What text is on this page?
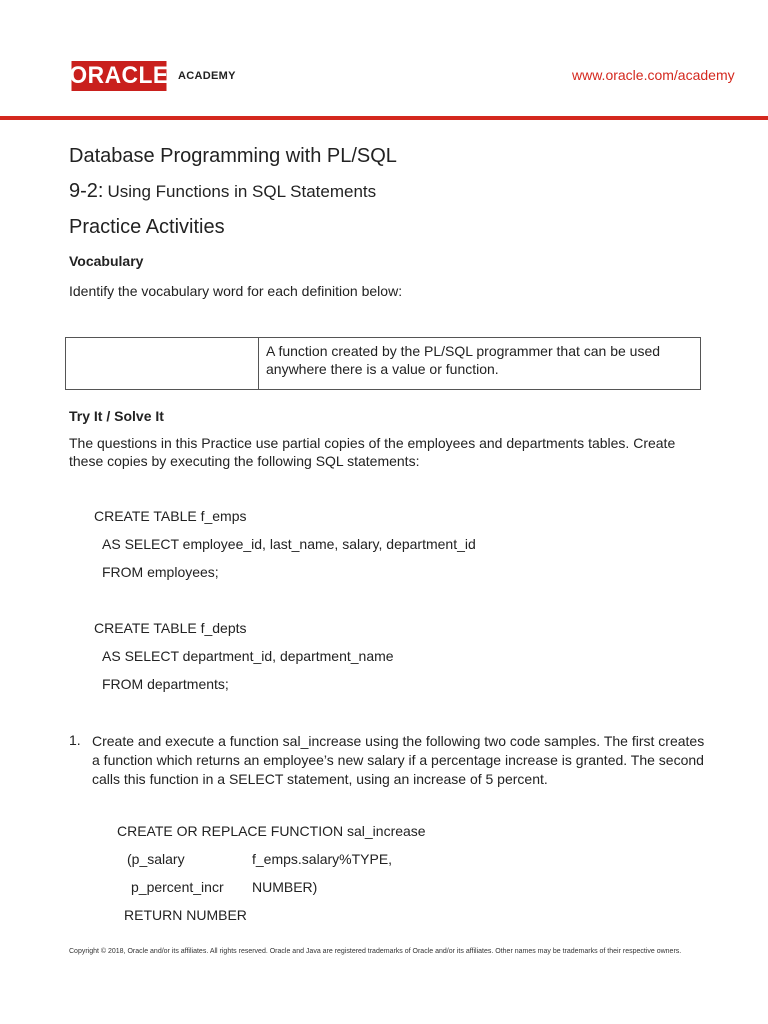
ORACLE ACADEMY	www.oracle.com/academy
Database Programming with PL/SQL
9-2: Using Functions in SQL Statements
Practice Activities
Vocabulary
Identify the vocabulary word for each definition below:
A function created by the PL/SQL programmer that can be used anywhere there is a value or function.
Try It / Solve It
The questions in this Practice use partial copies of the employees and departments tables. Create these copies by executing the following SQL statements:
CREATE TABLE f_emps
AS SELECT employee_id, last_name, salary, department_id
FROM employees;
CREATE TABLE f_depts
AS SELECT department_id, department_name
FROM departments;
1. Create and execute a function sal_increase using the following two code samples. The first creates a function which returns an employee’s new salary if a percentage increase is granted. The second calls this function in a SELECT statement, using an increase of 5 percent.
CREATE OR REPLACE FUNCTION sal_increase
(p_salary	f_emps.salary%TYPE,
p_percent_incr NUMBER)
RETURN NUMBER
Copyright © 2018, Oracle and/or its affiliates. All rights reserved. Oracle and Java are registered trademarks of Oracle and/or its affiliates. Other names may be trademarks of their respective owners.
